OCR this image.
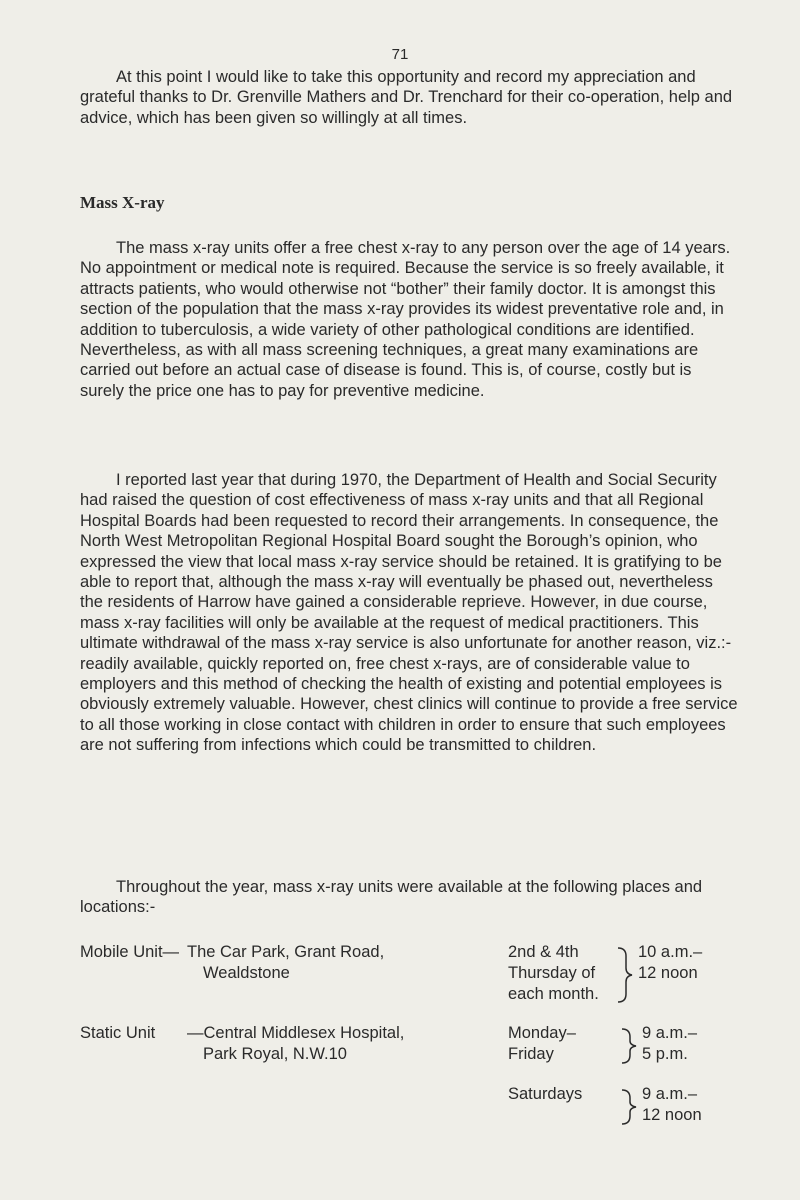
71

At this point I would like to take this opportunity and record my appreciation and grateful thanks to Dr. Grenville Mathers and Dr. Trenchard for their co-operation, help and advice, which has been given so willingly at all times.

Mass X-ray

The mass x-ray units offer a free chest x-ray to any person over the age of 14 years. No appointment or medical note is required. Because the service is so freely available, it attracts patients, who would otherwise not “bother” their family doctor. It is amongst this section of the population that the mass x-ray provides its widest preventative role and, in addition to tuberculosis, a wide variety of other pathological conditions are identified. Nevertheless, as with all mass screening techniques, a great many examinations are carried out before an actual case of disease is found. This is, of course, costly but is surely the price one has to pay for preventive medicine.

I reported last year that during 1970, the Department of Health and Social Security had raised the question of cost effectiveness of mass x-ray units and that all Regional Hospital Boards had been requested to record their arrangements. In consequence, the North West Metropolitan Regional Hospital Board sought the Borough’s opinion, who expressed the view that local mass x-ray service should be retained. It is gratifying to be able to report that, although the mass x-ray will eventually be phased out, nevertheless the residents of Harrow have gained a considerable reprieve. However, in due course, mass x-ray facilities will only be available at the request of medical practitioners. This ultimate withdrawal of the mass x-ray service is also unfortunate for another reason, viz.:- readily available, quickly reported on, free chest x-rays, are of considerable value to employers and this method of checking the health of existing and potential employees is obviously extremely valuable. However, chest clinics will continue to provide a free service to all those working in close contact with children in order to ensure that such employees are not suffering from infections which could be transmitted to children.

Throughout the year, mass x-ray units were available at the following places and locations:-

Mobile Unit— The Car Park, Grant Road,
Wealdstone
2nd & 4th
Thursday of
each month.
10 a.m.–
12 noon
Static Unit —Central Middlesex Hospital,
Park Royal, N.W.10
Monday–
Friday
9 a.m.–
5 p.m.
Saturdays	9 a.m.–
12 noon
